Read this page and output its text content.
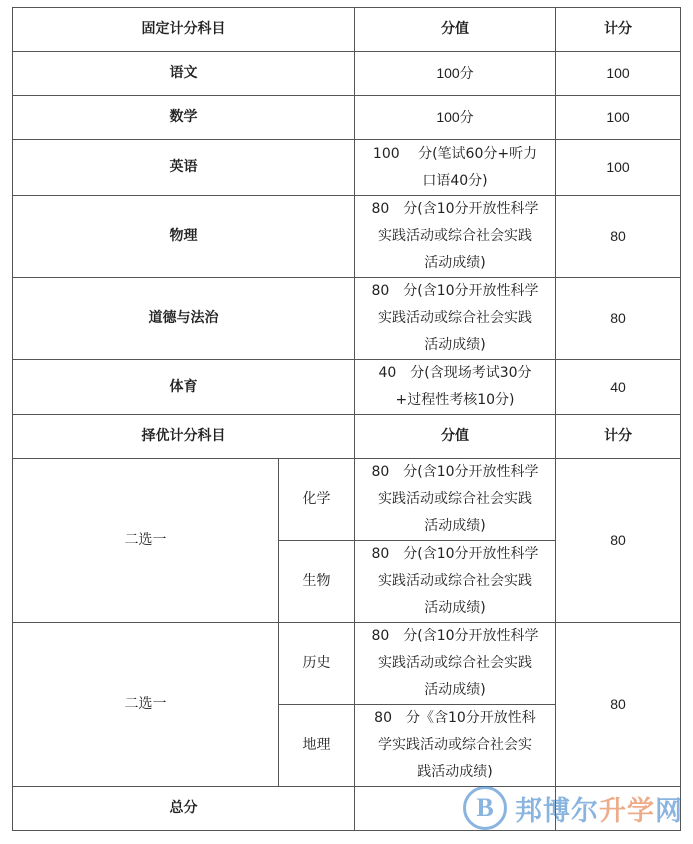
固定计分科目		分值	计分
语文		100分	100
数学		100分	100
英语		100　 分(笔试60分+听力
口语40分)	100
物理		80　分(含10分开放性科学
实践活动或综合社会实践
活动成绩)	80
道德与法治		80　分(含10分开放性科学
实践活动或综合社会实践
活动成绩)	80
体育		40　分(含现场考试30分
+过程性考核10分)	40
择优计分科目		分值	计分
二选一	化学	80　分(含10分开放性科学
实践活动或综合社会实践
活动成绩)	80
	生物	80　分(含10分开放性科学
实践活动或综合社会实践
活动成绩)	

二选一	历史	80　分(含10分开放性科学
实践活动或综合社会实践
活动成绩)	80
	地理	80　分《含10分开放性科
学实践活动或综合社会实
践活动成绩)	

总分				B 邦博尔升学网
